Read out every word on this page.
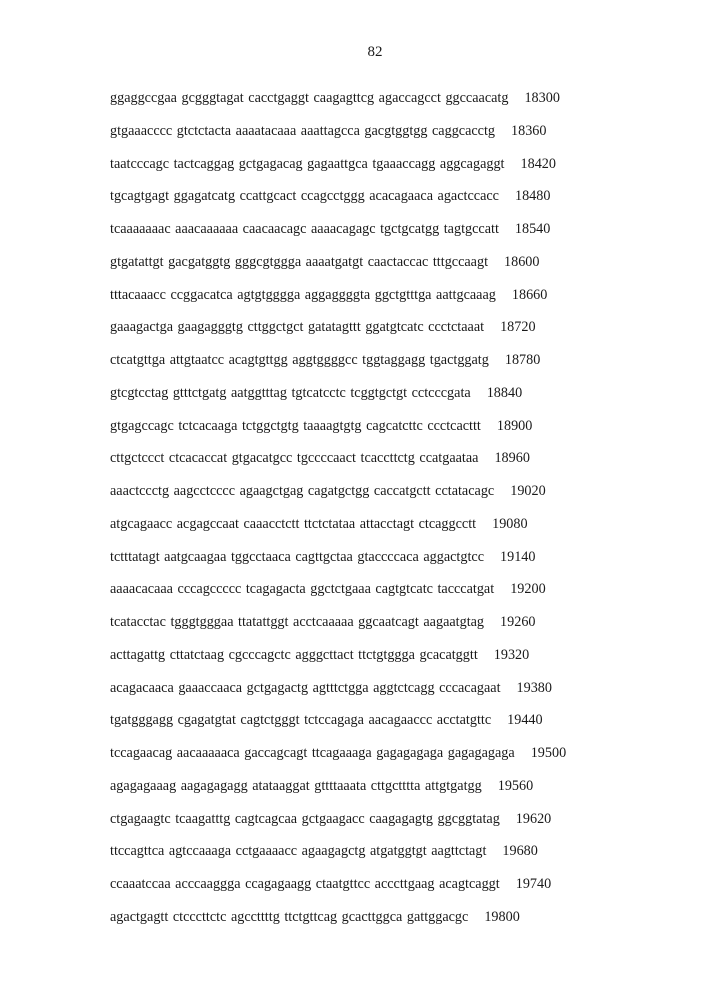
82
ggaggccgaa gcgggtagat cacctgaggt caagagttcg agaccagcct ggccaacatg 18300
gtgaaacccc gtctctacta aaaatacaaa aaattagcca gacgtggtgg caggcacctg 18360
taatcccagc tactcaggag gctgagacag gagaattgca tgaaaccagg aggcagaggt 18420
tgcagtgagt ggagatcatg ccattgcact ccagcctggg acacagaaca agactccacc 18480
tcaaaaaaac aaacaaaaaa caacaacagc aaaacagagc tgctgcatgg tagtgccatt 18540
gtgatattgt gacgatggtg gggcgtggga aaaatgatgt caactaccac tttgccaagt 18600
tttacaaacc ccggacatca agtgtgggga aggaggggta ggctgtttga aattgcaaag 18660
gaaagactga gaagagggtg cttggctgct gatatagttt ggatgtcatc ccctctaaat 18720
ctcatgttga attgtaatcc acagtgttgg aggtggggcc tggtaggagg tgactggatg 18780
gtcgtcctag gtttctgatg aatggtttag tgtcatcctc tcggtgctgt cctcccgata 18840
gtgagccagc tctcacaaga tctggctgtg taaaagtgtg cagcatcttc ccctcacttt 18900
cttgctccct ctcacaccat gtgacatgcc tgccccaact tcaccttctg ccatgaataa 18960
aaactccctg aagcctcccc agaagctgag cagatgctgg caccatgctt cctatacagc 19020
atgcagaacc acgagccaat caaacctctt ttctctataa attacctagt ctcaggcctt 19080
tctttatagt aatgcaagaa tggcctaaca cagttgctaa gtaccccaca aggactgtcc 19140
aaaacacaaa cccagccccc tcagagacta ggctctgaaa cagtgtcatc tacccatgat 19200
tcatacctac tgggtgggaa ttatattggt acctcaaaaa ggcaatcagt aagaatgtag 19260
acttagattg cttatctaag cgcccagctc agggcttact ttctgtggga gcacatggtt 19320
acagacaaca gaaaccaaca gctgagactg agtttctgga aggtctcagg cccacagaat 19380
tgatgggagg cgagatgtat cagtctgggt tctccagaga aacagaaccc acctatgttc 19440
tccagaacag aacaaaaaca gaccagcagt ttcagaaaga gagagagaga gagagagaga 19500
agagagaaag aagagagagg atataaggat gttttaaata cttgctttta attgtgatgg 19560
ctgagaagtc tcaagatttg cagtcagcaa gctgaagacc caagagagtg ggcggtatag 19620
ttccagttca agtccaaaga cctgaaaacc agaagagctg atgatggtgt aagttctagt 19680
ccaaatccaa acccaaggga ccagagaagg ctaatgttcc acccttgaag acagtcaggt 19740
agactgagtt ctcccttctc agccttttg ttctgttcag gcacttggca gattggacgc 19800
